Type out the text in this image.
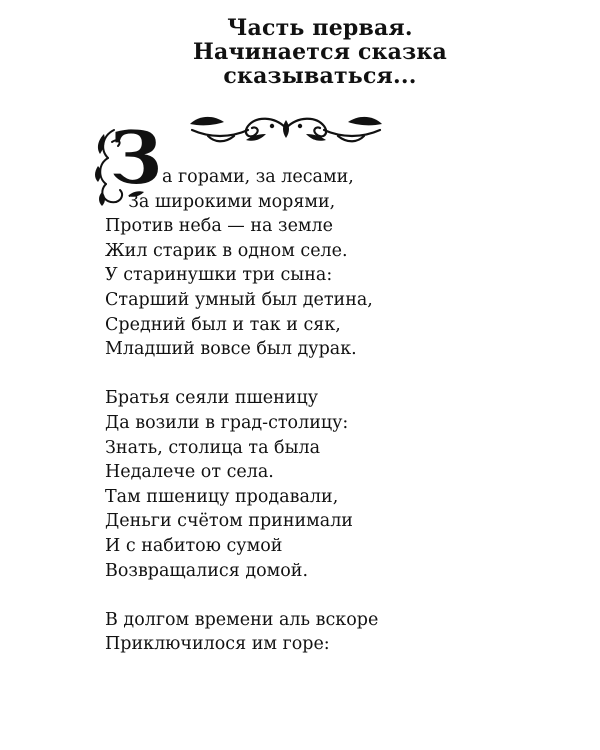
Часть первая.
Начинается сказка
сказываться...
З а горами, за лесами,
За широкими морями,
Против неба — на земле
Жил старик в одном селе.
У старинушки три сына:
Старший умный был детина,
Средний был и так и сяк,
Младший вовсе был дурак.
Братья сеяли пшеницу
Да возили в град-столицу:
Знать, столица та была
Недалече от села.
Там пшеницу продавали,
Деньги счётом принимали
И с набитою сумой
Возвращалися домой.
В долгом времени аль вскоре
Приключилося им горе:
